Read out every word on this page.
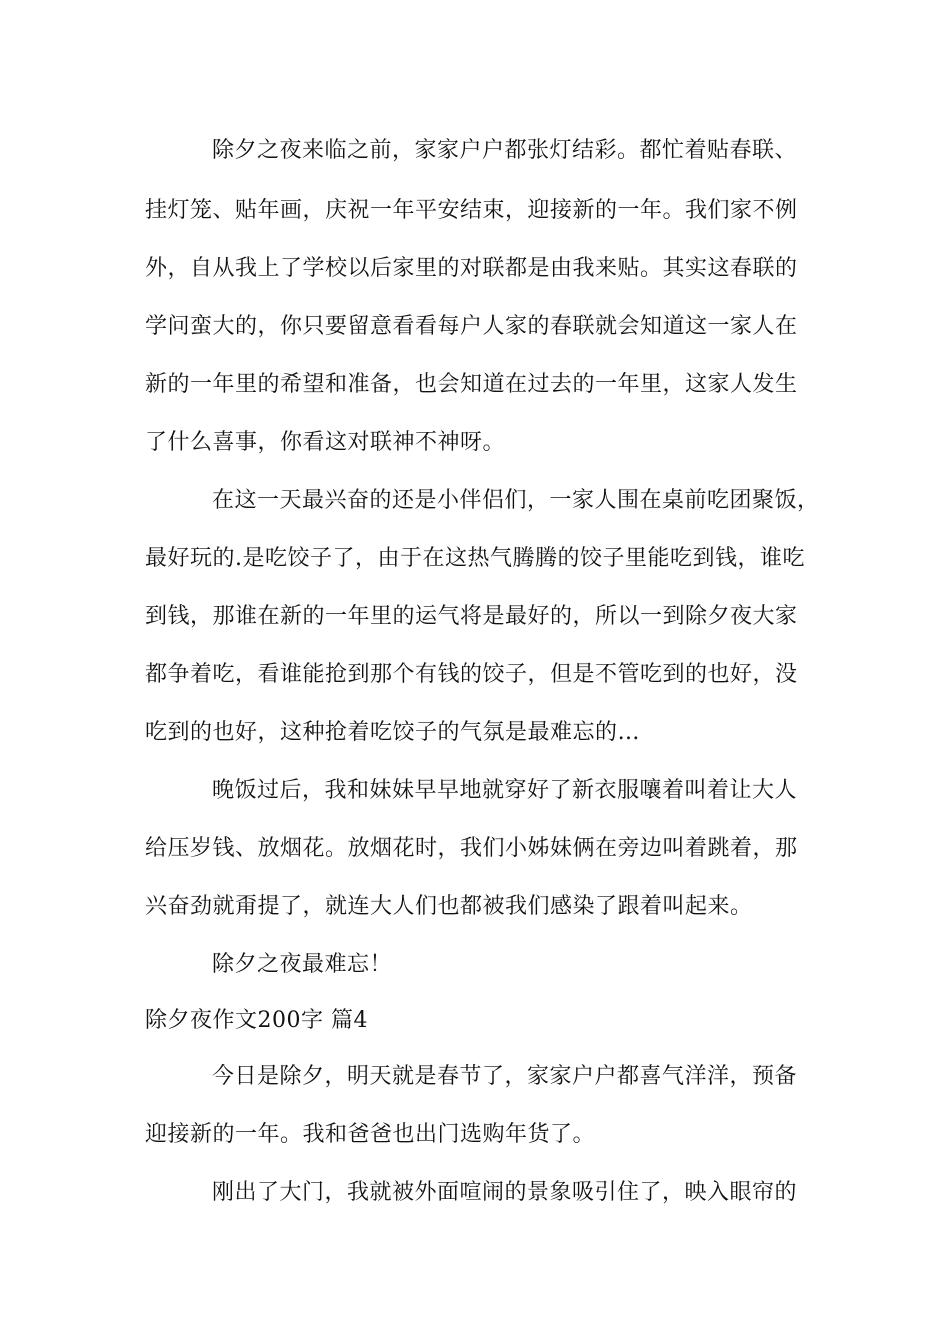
除夕之夜来临之前，家家户户都张灯结彩。都忙着贴春联、
挂灯笼、贴年画，庆祝一年平安结束，迎接新的一年。我们家不例
外，自从我上了学校以后家里的对联都是由我来贴。其实这春联的
学问蛮大的，你只要留意看看每户人家的春联就会知道这一家人在
新的一年里的希望和准备，也会知道在过去的一年里，这家人发生
了什么喜事，你看这对联神不神呀。
在这一天最兴奋的还是小伴侣们，一家人围在桌前吃团聚饭，
最好玩的.是吃饺子了，由于在这热气腾腾的饺子里能吃到钱，谁吃
到钱，那谁在新的一年里的运气将是最好的，所以一到除夕夜大家
都争着吃，看谁能抢到那个有钱的饺子，但是不管吃到的也好，没
吃到的也好，这种抢着吃饺子的气氛是最难忘的…
晚饭过后，我和妹妹早早地就穿好了新衣服嚷着叫着让大人
给压岁钱、放烟花。放烟花时，我们小姊妹俩在旁边叫着跳着，那
兴奋劲就甭提了，就连大人们也都被我们感染了跟着叫起来。
除夕之夜最难忘！
除夕夜作文200字 篇4
今日是除夕，明天就是春节了，家家户户都喜气洋洋，预备
迎接新的一年。我和爸爸也出门选购年货了。
刚出了大门，我就被外面喧闹的景象吸引住了，映入眼帘的
